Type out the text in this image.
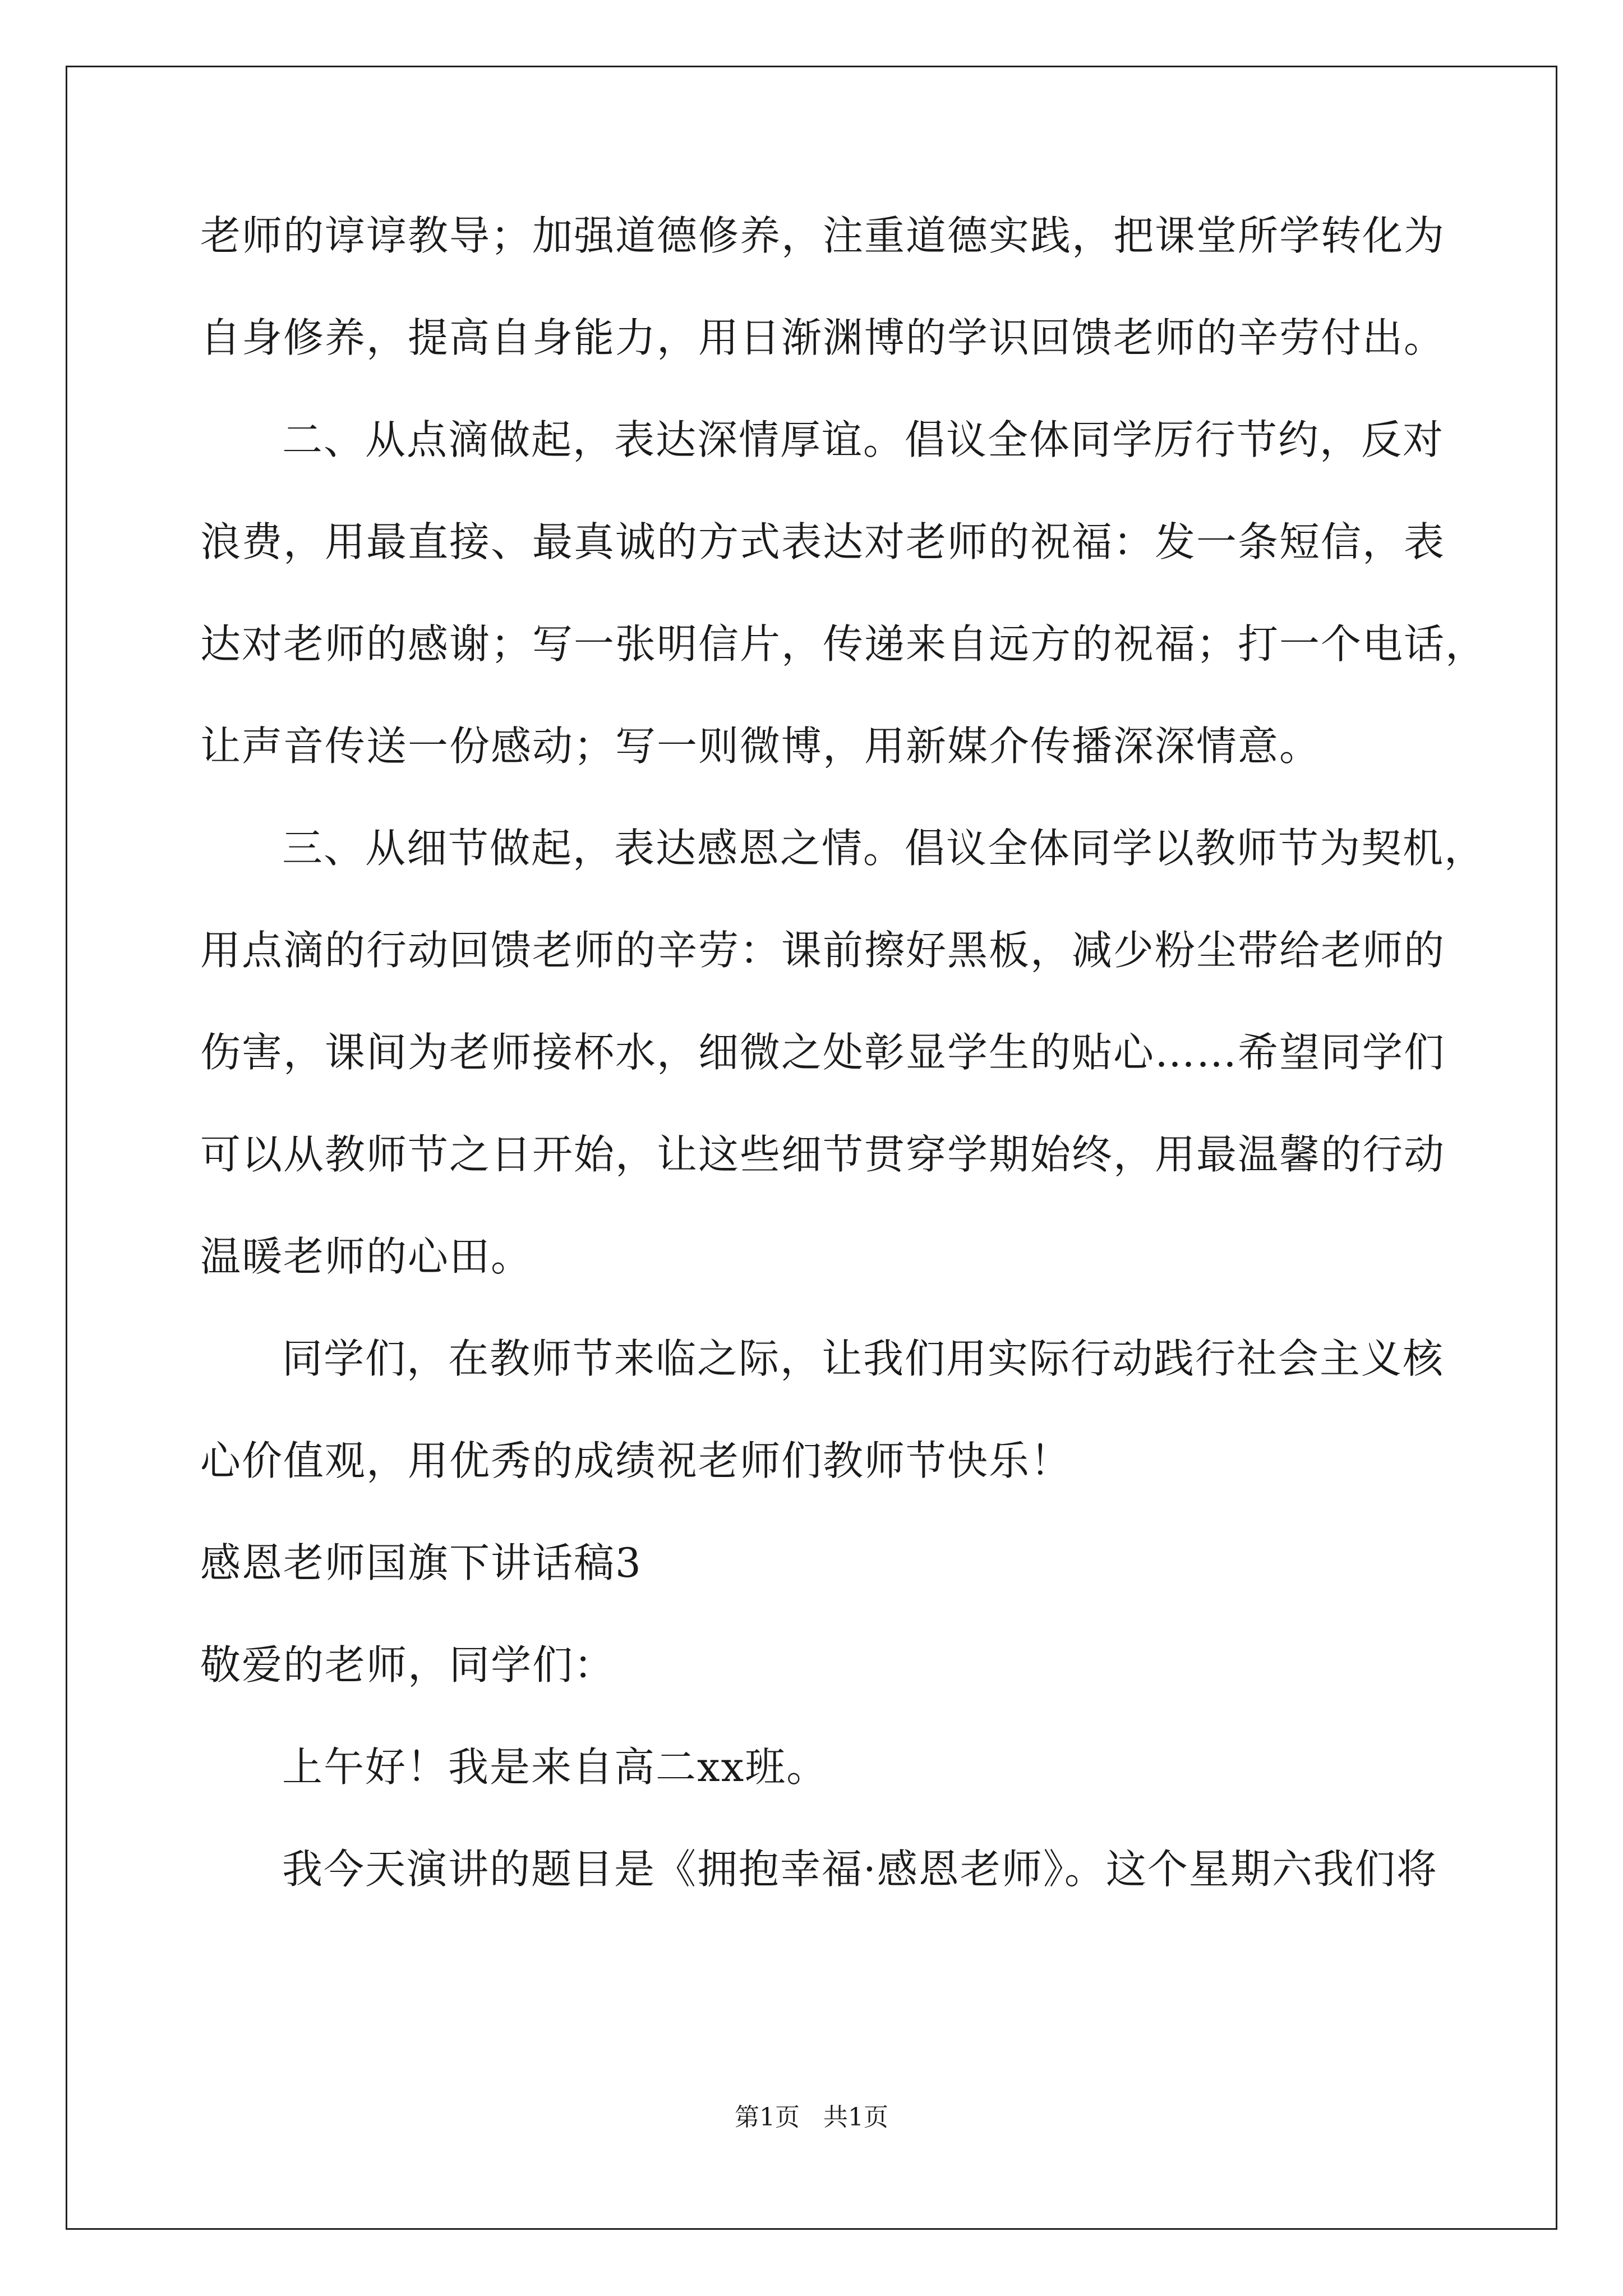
老师的谆谆教导；加强道德修养，注重道德实践，把课堂所学转化为
自身修养，提高自身能力，用日渐渊博的学识回馈老师的辛劳付出。
二、从点滴做起，表达深情厚谊。倡议全体同学厉行节约，反对
浪费，用最直接、最真诚的方式表达对老师的祝福：发一条短信，表
达对老师的感谢；写一张明信片，传递来自远方的祝福；打一个电话，
让声音传送一份感动；写一则微博，用新媒介传播深深情意。
三、从细节做起，表达感恩之情。倡议全体同学以教师节为契机，
用点滴的行动回馈老师的辛劳：课前擦好黑板，减少粉尘带给老师的
伤害，课间为老师接杯水，细微之处彰显学生的贴心……希望同学们
可以从教师节之日开始，让这些细节贯穿学期始终，用最温馨的行动
温暖老师的心田。
同学们，在教师节来临之际，让我们用实际行动践行社会主义核
心价值观，用优秀的成绩祝老师们教师节快乐！
感恩老师国旗下讲话稿3
敬爱的老师，同学们：
上午好！我是来自高二xx班。
我今天演讲的题目是《拥抱幸福·感恩老师》。这个星期六我们将
第1页 共1页
